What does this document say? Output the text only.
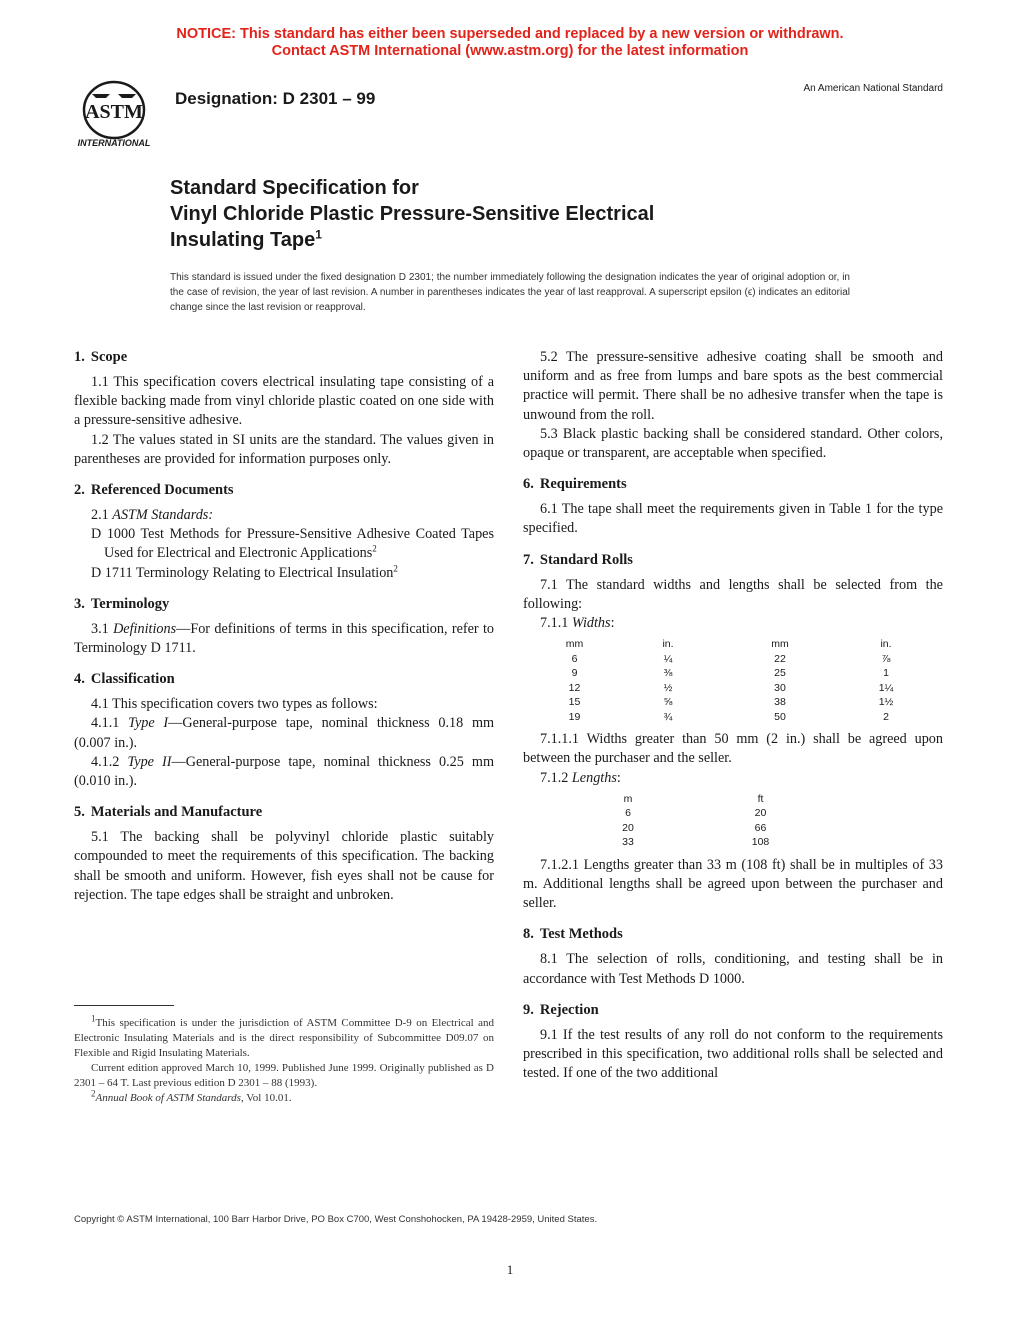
NOTICE: This standard has either been superseded and replaced by a new version or withdrawn.
Contact ASTM International (www.astm.org) for the latest information
ASTM
INTERNATIONAL
Designation: D 2301 – 99
An American National Standard
Standard Specification for
Vinyl Chloride Plastic Pressure-Sensitive Electrical
Insulating Tape$^1$
This standard is issued under the fixed designation D 2301; the number immediately following the designation indicates the year of original adoption or, in the case of revision, the year of last revision. A number in parentheses indicates the year of last reapproval. A superscript epsilon (ϵ) indicates an editorial change since the last revision or reapproval.
1. Scope

1.1 This specification covers electrical insulating tape consisting of a flexible backing made from vinyl chloride plastic coated on one side with a pressure-sensitive adhesive.

1.2 The values stated in SI units are the standard. The values given in parentheses are provided for information purposes only.

2. Referenced Documents

2.1 ASTM Standards:

D 1000 Test Methods for Pressure-Sensitive Adhesive Coated Tapes Used for Electrical and Electronic Applications$^2$
D 1711 Terminology Relating to Electrical Insulation$^2$
3. Terminology

3.1 Definitions—For definitions of terms in this specification, refer to Terminology D 1711.

4. Classification

4.1 This specification covers two types as follows:

4.1.1 Type I—General-purpose tape, nominal thickness 0.18 mm (0.007 in.).

4.1.2 Type II—General-purpose tape, nominal thickness 0.25 mm (0.010 in.).

5. Materials and Manufacture

5.1 The backing shall be polyvinyl chloride plastic suitably compounded to meet the requirements of this specification. The backing shall be smooth and uniform. However, fish eyes shall not be cause for rejection. The tape edges shall be straight and unbroken.

5.2 The pressure-sensitive adhesive coating shall be smooth and uniform and as free from lumps and bare spots as the best commercial practice will permit. There shall be no adhesive transfer when the tape is unwound from the roll.

5.3 Black plastic backing shall be considered standard. Other colors, opaque or transparent, are acceptable when specified.

6. Requirements

6.1 The tape shall meet the requirements given in Table 1 for the type specified.

7. Standard Rolls

7.1 The standard widths and lengths shall be selected from the following:

7.1.1 Widths:

mm	in.	mm	in.
6	¼	22	⅞
9	⅜	25	1
12	½	30	1¼
15	⅝	38	1½
19	¾	50	2

7.1.1.1 Widths greater than 50 mm (2 in.) shall be agreed upon between the purchaser and the seller.

7.1.2 Lengths:

m	ft
6	20
20	66
33	108

7.1.2.1 Lengths greater than 33 m (108 ft) shall be in multiples of 33 m. Additional lengths shall be agreed upon between the purchaser and seller.

8. Test Methods

8.1 The selection of rolls, conditioning, and testing shall be in accordance with Test Methods D 1000.

9. Rejection

9.1 If the test results of any roll do not conform to the requirements prescribed in this specification, two additional rolls shall be selected and tested. If one of the two additional

$^1$This specification is under the jurisdiction of ASTM Committee D-9 on Electrical and Electronic Insulating Materials and is the direct responsibility of Subcommittee D09.07 on Flexible and Rigid Insulating Materials.

Current edition approved March 10, 1999. Published June 1999. Originally published as D 2301 – 64 T. Last previous edition D 2301 – 88 (1993).

$^2$Annual Book of ASTM Standards, Vol 10.01.

Copyright © ASTM International, 100 Barr Harbor Drive, PO Box C700, West Conshohocken, PA 19428-2959, United States.
1
